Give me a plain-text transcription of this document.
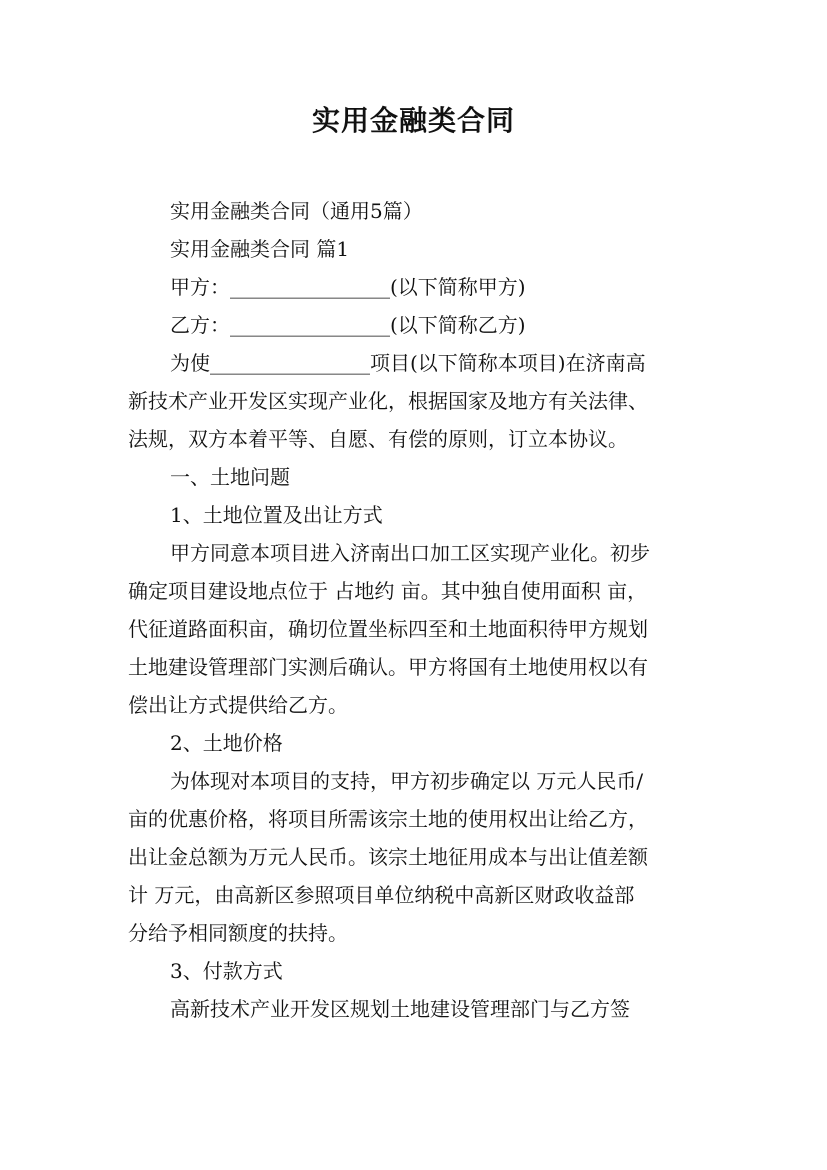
实用金融类合同
实用金融类合同（通用5篇）
实用金融类合同 篇1
甲方：________________(以下简称甲方)
乙方：________________(以下简称乙方)
为使________________项目(以下简称本项目)在济南高
新技术产业开发区实现产业化，根据国家及地方有关法律、
法规，双方本着平等、自愿、有偿的原则，订立本协议。
一、土地问题
1、土地位置及出让方式
甲方同意本项目进入济南出口加工区实现产业化。初步
确定项目建设地点位于 占地约 亩。其中独自使用面积 亩，
代征道路面积亩，确切位置坐标四至和土地面积待甲方规划
土地建设管理部门实测后确认。甲方将国有土地使用权以有
偿出让方式提供给乙方。
2、土地价格
为体现对本项目的支持，甲方初步确定以 万元人民币/
亩的优惠价格，将项目所需该宗土地的使用权出让给乙方，
出让金总额为万元人民币。该宗土地征用成本与出让值差额
计 万元，由高新区参照项目单位纳税中高新区财政收益部
分给予相同额度的扶持。
3、付款方式
高新技术产业开发区规划土地建设管理部门与乙方签
